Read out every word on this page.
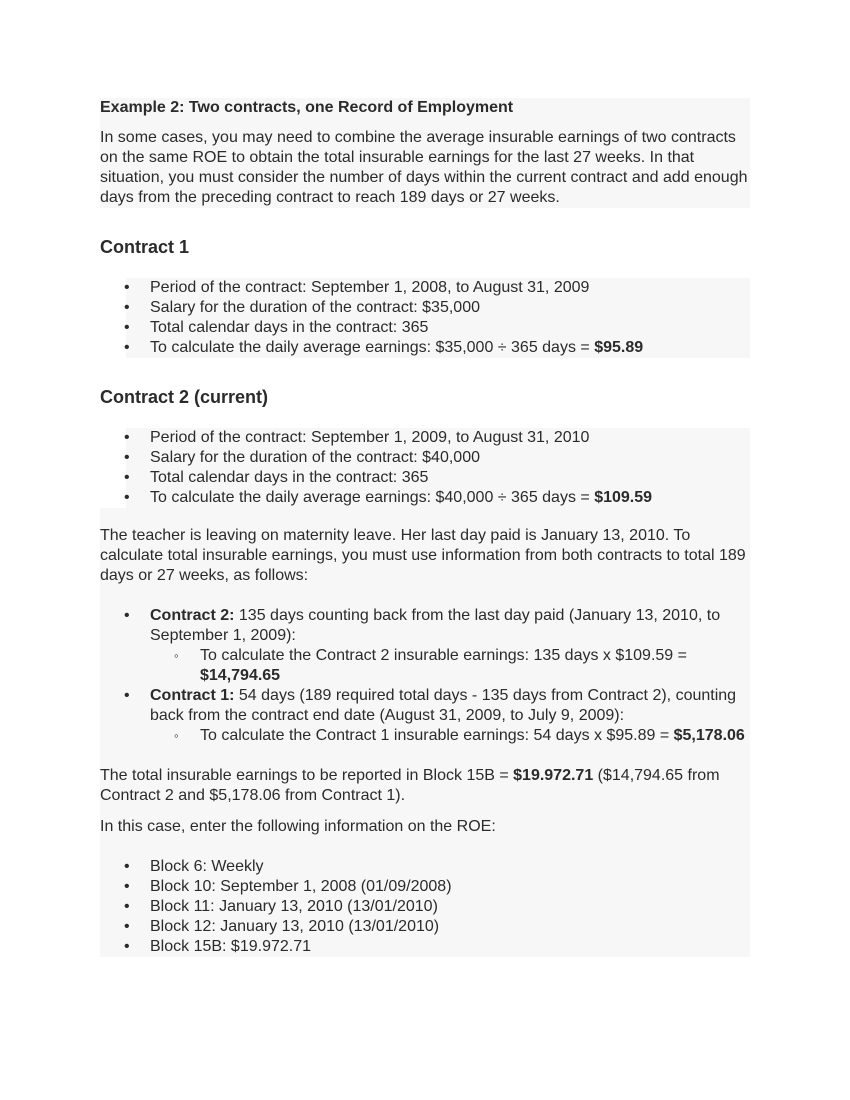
Example 2: Two contracts, one Record of Employment

In some cases, you may need to combine the average insurable earnings of two contracts on the same ROE to obtain the total insurable earnings for the last 27 weeks. In that situation, you must consider the number of days within the current contract and add enough days from the preceding contract to reach 189 days or 27 weeks.

Contract 1
• Period of the contract: September 1, 2008, to August 31, 2009
• Salary for the duration of the contract: $35,000
• Total calendar days in the contract: 365
• To calculate the daily average earnings: $35,000 ÷ 365 days = $95.89
Contract 2 (current)
• Period of the contract: September 1, 2009, to August 31, 2010
• Salary for the duration of the contract: $40,000
• Total calendar days in the contract: 365
• To calculate the daily average earnings: $40,000 ÷ 365 days = $109.59

The teacher is leaving on maternity leave. Her last day paid is January 13, 2010. To calculate total insurable earnings, you must use information from both contracts to total 189 days or 27 weeks, as follows:

• Contract 2: 135 days counting back from the last day paid (January 13, 2010, to September 1, 2009):
◦ To calculate the Contract 2 insurable earnings: 135 days x $109.59 = $14,794.65
• Contract 1: 54 days (189 required total days - 135 days from Contract 2), counting back from the contract end date (August 31, 2009, to July 9, 2009):
◦ To calculate the Contract 1 insurable earnings: 54 days x $95.89 = $5,178.06

The total insurable earnings to be reported in Block 15B = $19.972.71 ($14,794.65 from Contract 2 and $5,178.06 from Contract 1).

In this case, enter the following information on the ROE:

• Block 6: Weekly
• Block 10: September 1, 2008 (01/09/2008)
• Block 11: January 13, 2010 (13/01/2010)
• Block 12: January 13, 2010 (13/01/2010)
• Block 15B: $19.972.71
